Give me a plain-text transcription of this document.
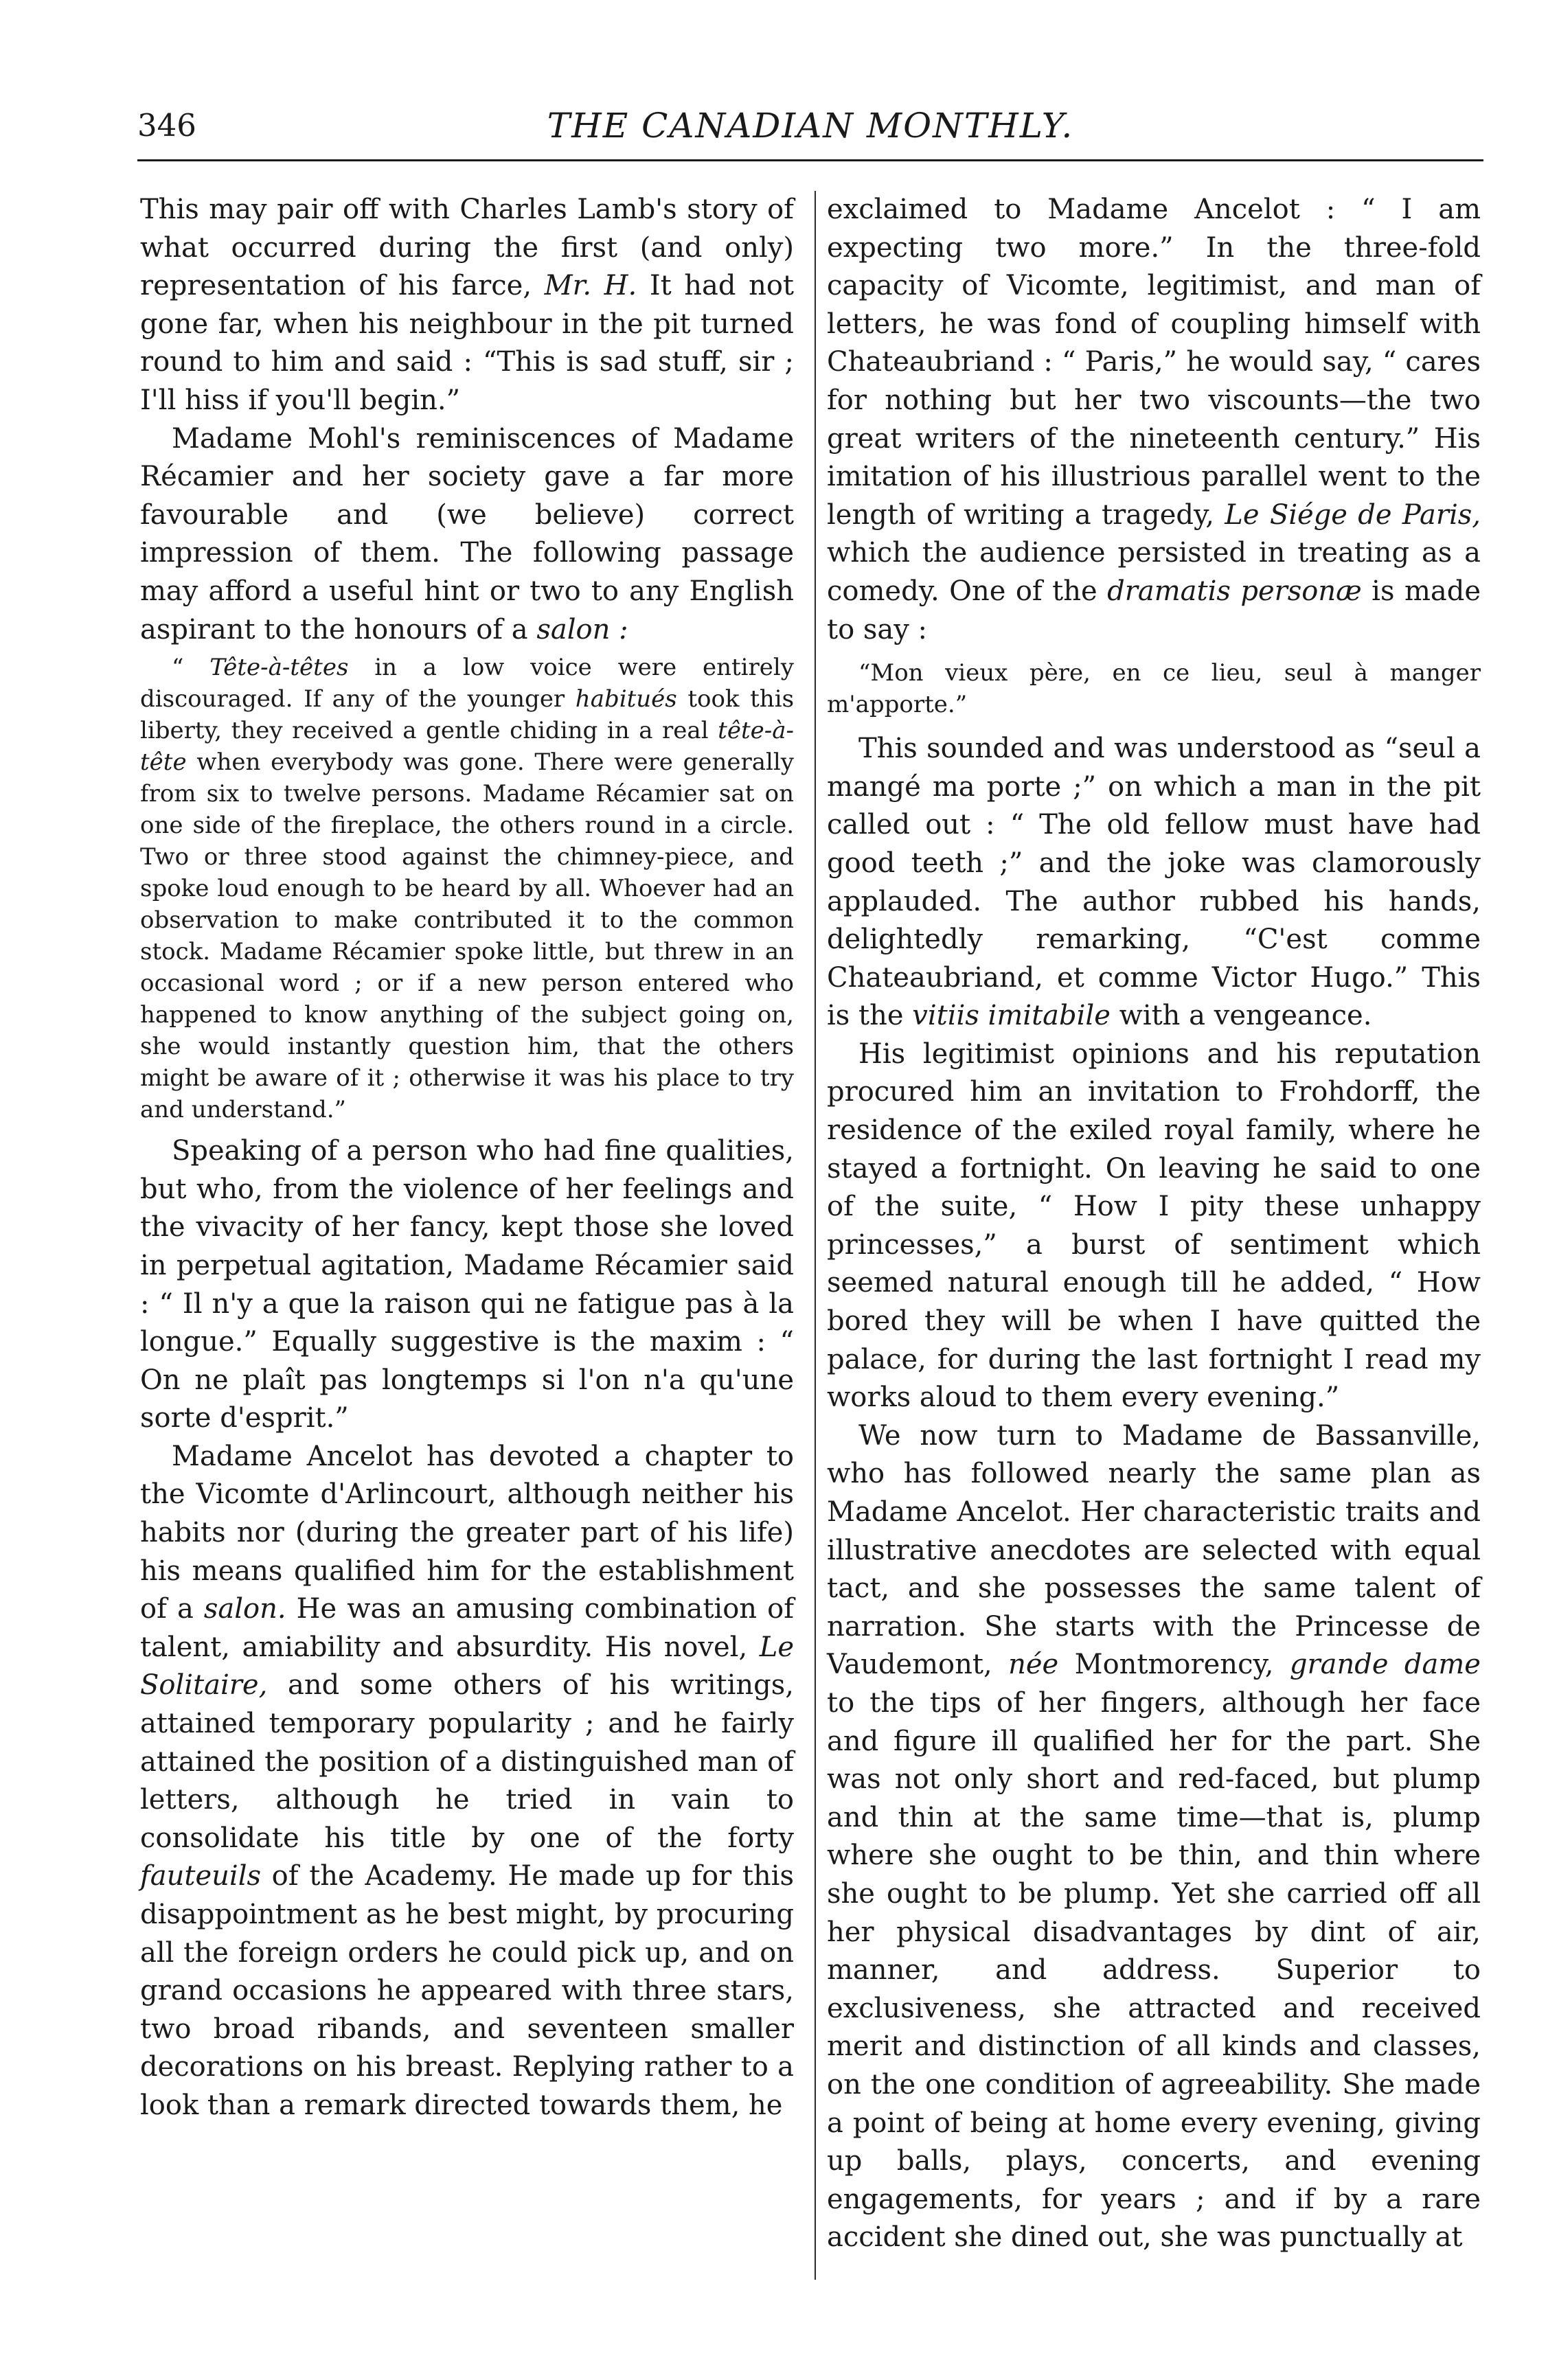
346	THE CANADIAN MONTHLY.

This may pair off with Charles Lamb's story of what occurred during the first (and only) representation of his farce, Mr. H. It had not gone far, when his neighbour in the pit turned round to him and said : “This is sad stuff, sir ; I'll hiss if you'll begin.”

Madame Mohl's reminiscences of Madame Récamier and her society gave a far more favourable and (we believe) correct impression of them. The following passage may afford a useful hint or two to any English aspirant to the honours of a salon :

“ Tête-à-têtes in a low voice were entirely discouraged. If any of the younger habitués took this liberty, they received a gentle chiding in a real tête-à-tête when everybody was gone. There were generally from six to twelve persons. Madame Récamier sat on one side of the fireplace, the others round in a circle. Two or three stood against the chimney-piece, and spoke loud enough to be heard by all. Whoever had an observation to make contributed it to the common stock. Madame Récamier spoke little, but threw in an occasional word ; or if a new person entered who happened to know anything of the subject going on, she would instantly question him, that the others might be aware of it ; otherwise it was his place to try and understand.”

Speaking of a person who had fine qualities, but who, from the violence of her feelings and the vivacity of her fancy, kept those she loved in perpetual agitation, Madame Récamier said : “ Il n'y a que la raison qui ne fatigue pas à la longue.” Equally suggestive is the maxim : “ On ne plaît pas longtemps si l'on n'a qu'une sorte d'esprit.”

Madame Ancelot has devoted a chapter to the Vicomte d'Arlincourt, although neither his habits nor (during the greater part of his life) his means qualified him for the establishment of a salon. He was an amusing combination of talent, amiability and absurdity. His novel, Le Solitaire, and some others of his writings, attained temporary popularity ; and he fairly attained the position of a distinguished man of letters, although he tried in vain to consolidate his title by one of the forty fauteuils of the Academy. He made up for this disappointment as he best might, by procuring all the foreign orders he could pick up, and on grand occasions he appeared with three stars, two broad ribands, and seventeen smaller decorations on his breast. Replying rather to a look than a remark directed towards them, he

exclaimed to Madame Ancelot : “ I am expecting two more.” In the three-fold capacity of Vicomte, legitimist, and man of letters, he was fond of coupling himself with Chateaubriand : “ Paris,” he would say, “ cares for nothing but her two viscounts—the two great writers of the nineteenth century.” His imitation of his illustrious parallel went to the length of writing a tragedy, Le Siége de Paris, which the audience persisted in treating as a comedy. One of the dramatis personæ is made to say :

“Mon vieux père, en ce lieu, seul à manger m'apporte.”

This sounded and was understood as “seul a mangé ma porte ;” on which a man in the pit called out : “ The old fellow must have had good teeth ;” and the joke was clamorously applauded. The author rubbed his hands, delightedly remarking, “C'est comme Chateaubriand, et comme Victor Hugo.” This is the vitiis imitabile with a vengeance.

His legitimist opinions and his reputation procured him an invitation to Frohdorff, the residence of the exiled royal family, where he stayed a fortnight. On leaving he said to one of the suite, “ How I pity these unhappy princesses,” a burst of sentiment which seemed natural enough till he added, “ How bored they will be when I have quitted the palace, for during the last fortnight I read my works aloud to them every evening.”

We now turn to Madame de Bassanville, who has followed nearly the same plan as Madame Ancelot. Her characteristic traits and illustrative anecdotes are selected with equal tact, and she possesses the same talent of narration. She starts with the Princesse de Vaudemont, née Montmorency, grande dame to the tips of her fingers, although her face and figure ill qualified her for the part. She was not only short and red-faced, but plump and thin at the same time—that is, plump where she ought to be thin, and thin where she ought to be plump. Yet she carried off all her physical disadvantages by dint of air, manner, and address. Superior to exclusiveness, she attracted and received merit and distinction of all kinds and classes, on the one condition of agreeability. She made a point of being at home every evening, giving up balls, plays, concerts, and evening engagements, for years ; and if by a rare accident she dined out, she was punctually at
